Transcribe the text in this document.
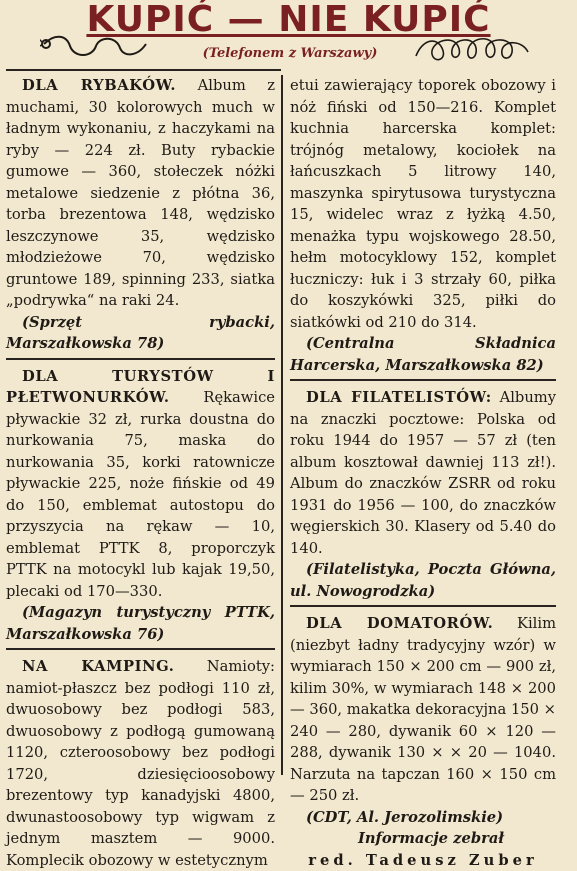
KUPIĆ — NIE KUPIĆ
(Telefonem z Warszawy)

DLA RYBAKÓW. Album z muchami, 30 kolorowych much w ładnym wykonaniu, z haczykami na ryby — 224 zł. Buty rybackie gumowe — 360, stołeczek nóżki metalowe siedzenie z płótna 36, torba brezentowa 148, wędzisko leszczynowe 35, wędzisko młodzieżowe 70, wędzisko gruntowe 189, spinning 233, siatka „podrywka“ na raki 24.

(Sprzęt rybacki, Marszałkowska 78)

DLA TURYSTÓW I PŁETWONURKÓW. Rękawice pływackie 32 zł, rurka doustna do nurkowania 75, maska do nurkowania 35, korki ratownicze pływackie 225, noże fińskie od 49 do 150, emblemat autostopu do przyszycia na rękaw — 10, emblemat PTTK 8, proporczyk PTTK na motocykl lub kajak 19,50, plecaki od 170—330.

(Magazyn turystyczny PTTK, Marszałkowska 76)

NA KAMPING. Namioty: namiot-płaszcz bez podłogi 110 zł, dwuosobowy bez podłogi 583, dwuosobowy z podłogą gumowaną 1120, czteroosobowy bez podłogi 1720, dziesięcioosobowy brezentowy typ kanadyjski 4800, dwunastoosobowy typ wigwam z jednym masztem — 9000. Komplecik obozowy w estetycznym

etui zawierający toporek obozowy i nóż fiński od 150—216. Komplet kuchnia harcerska komplet: trójnóg metalowy, kociołek na łańcuszkach 5 litrowy 140, maszynka spirytusowa turystyczna 15, widelec wraz z łyżką 4.50, menażka typu wojskowego 28.50, hełm motocyklowy 152, komplet łuczniczy: łuk i 3 strzały 60, piłka do koszykówki 325, piłki do siatkówki od 210 do 314.

(Centralna Składnica Harcerska, Marszałkowska 82)

DLA FILATELISTÓW: Albumy na znaczki pocztowe: Polska od roku 1944 do 1957 — 57 zł (ten album kosztował dawniej 113 zł!). Album do znaczków ZSRR od roku 1931 do 1956 — 100, do znaczków węgierskich 30. Klasery od 5.40 do 140.

(Filatelistyka, Poczta Główna, ul. Nowogrodzka)

DLA DOMATORÓW. Kilim (niezbyt ładny tradycyjny wzór) w wymiarach 150 × 200 cm — 900 zł, kilim 30%, w wymiarach 148 × 200 — 360, makatka dekoracyjna 150 × 240 — 280, dywanik 60 × 120 — 288, dywanik 130 × × 20 — 1040. Narzuta na tapczan 160 × 150 cm — 250 zł.

(CDT, Al. Jerozolimskie)

Informacje zebrał

red. Tadeusz Zuber
